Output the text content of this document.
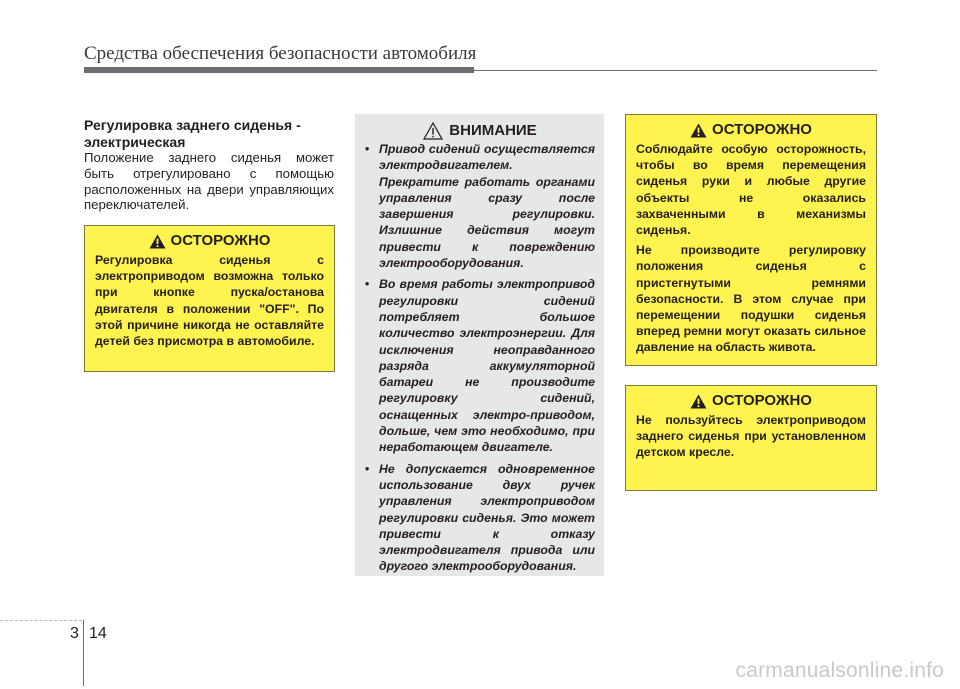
Средства обеспечения безопасности автомобиля
Регулировка заднего сиденья - электрическая
Положение заднего сиденья может быть отрегулировано с помощью расположенных на двери управляющих переключателей.
ОСТОРОЖНО
Регулировка сиденья с электроприводом возможна только при кнопке пуска/останова двигателя в положении "OFF". По этой причине никогда не оставляйте детей без присмотра в автомобиле.
ВНИМАНИЕ
• Привод сидений осуществляется электродвигателем. Прекратите работать органами управления сразу после завершения регулировки. Излишние действия могут привести к повреждению электрооборудования.
• Во время работы электропривод регулировки сидений потребляет большое количество электроэнергии. Для исключения неоправданного разряда аккумуляторной батареи не производите регулировку сидений, оснащенных электро-приводом, дольше, чем это необходимо, при неработающем двигателе.
• Не допускается одновременное использование двух ручек управления электроприводом регулировки сиденья. Это может привести к отказу электродвигателя привода или другого электрооборудования.
ОСТОРОЖНО

Соблюдайте особую осторожность, чтобы во время перемещения сиденья руки и любые другие объекты не оказались захваченными в механизмы сиденья.

Не производите регулировку положения сиденья с пристегнутыми ремнями безопасности. В этом случае при перемещении подушки сиденья вперед ремни могут оказать сильное давление на область живота.

ОСТОРОЖНО
Не пользуйтесь электроприводом заднего сиденья при установленном детском кресле.
3 14
carmanualsonline.info
